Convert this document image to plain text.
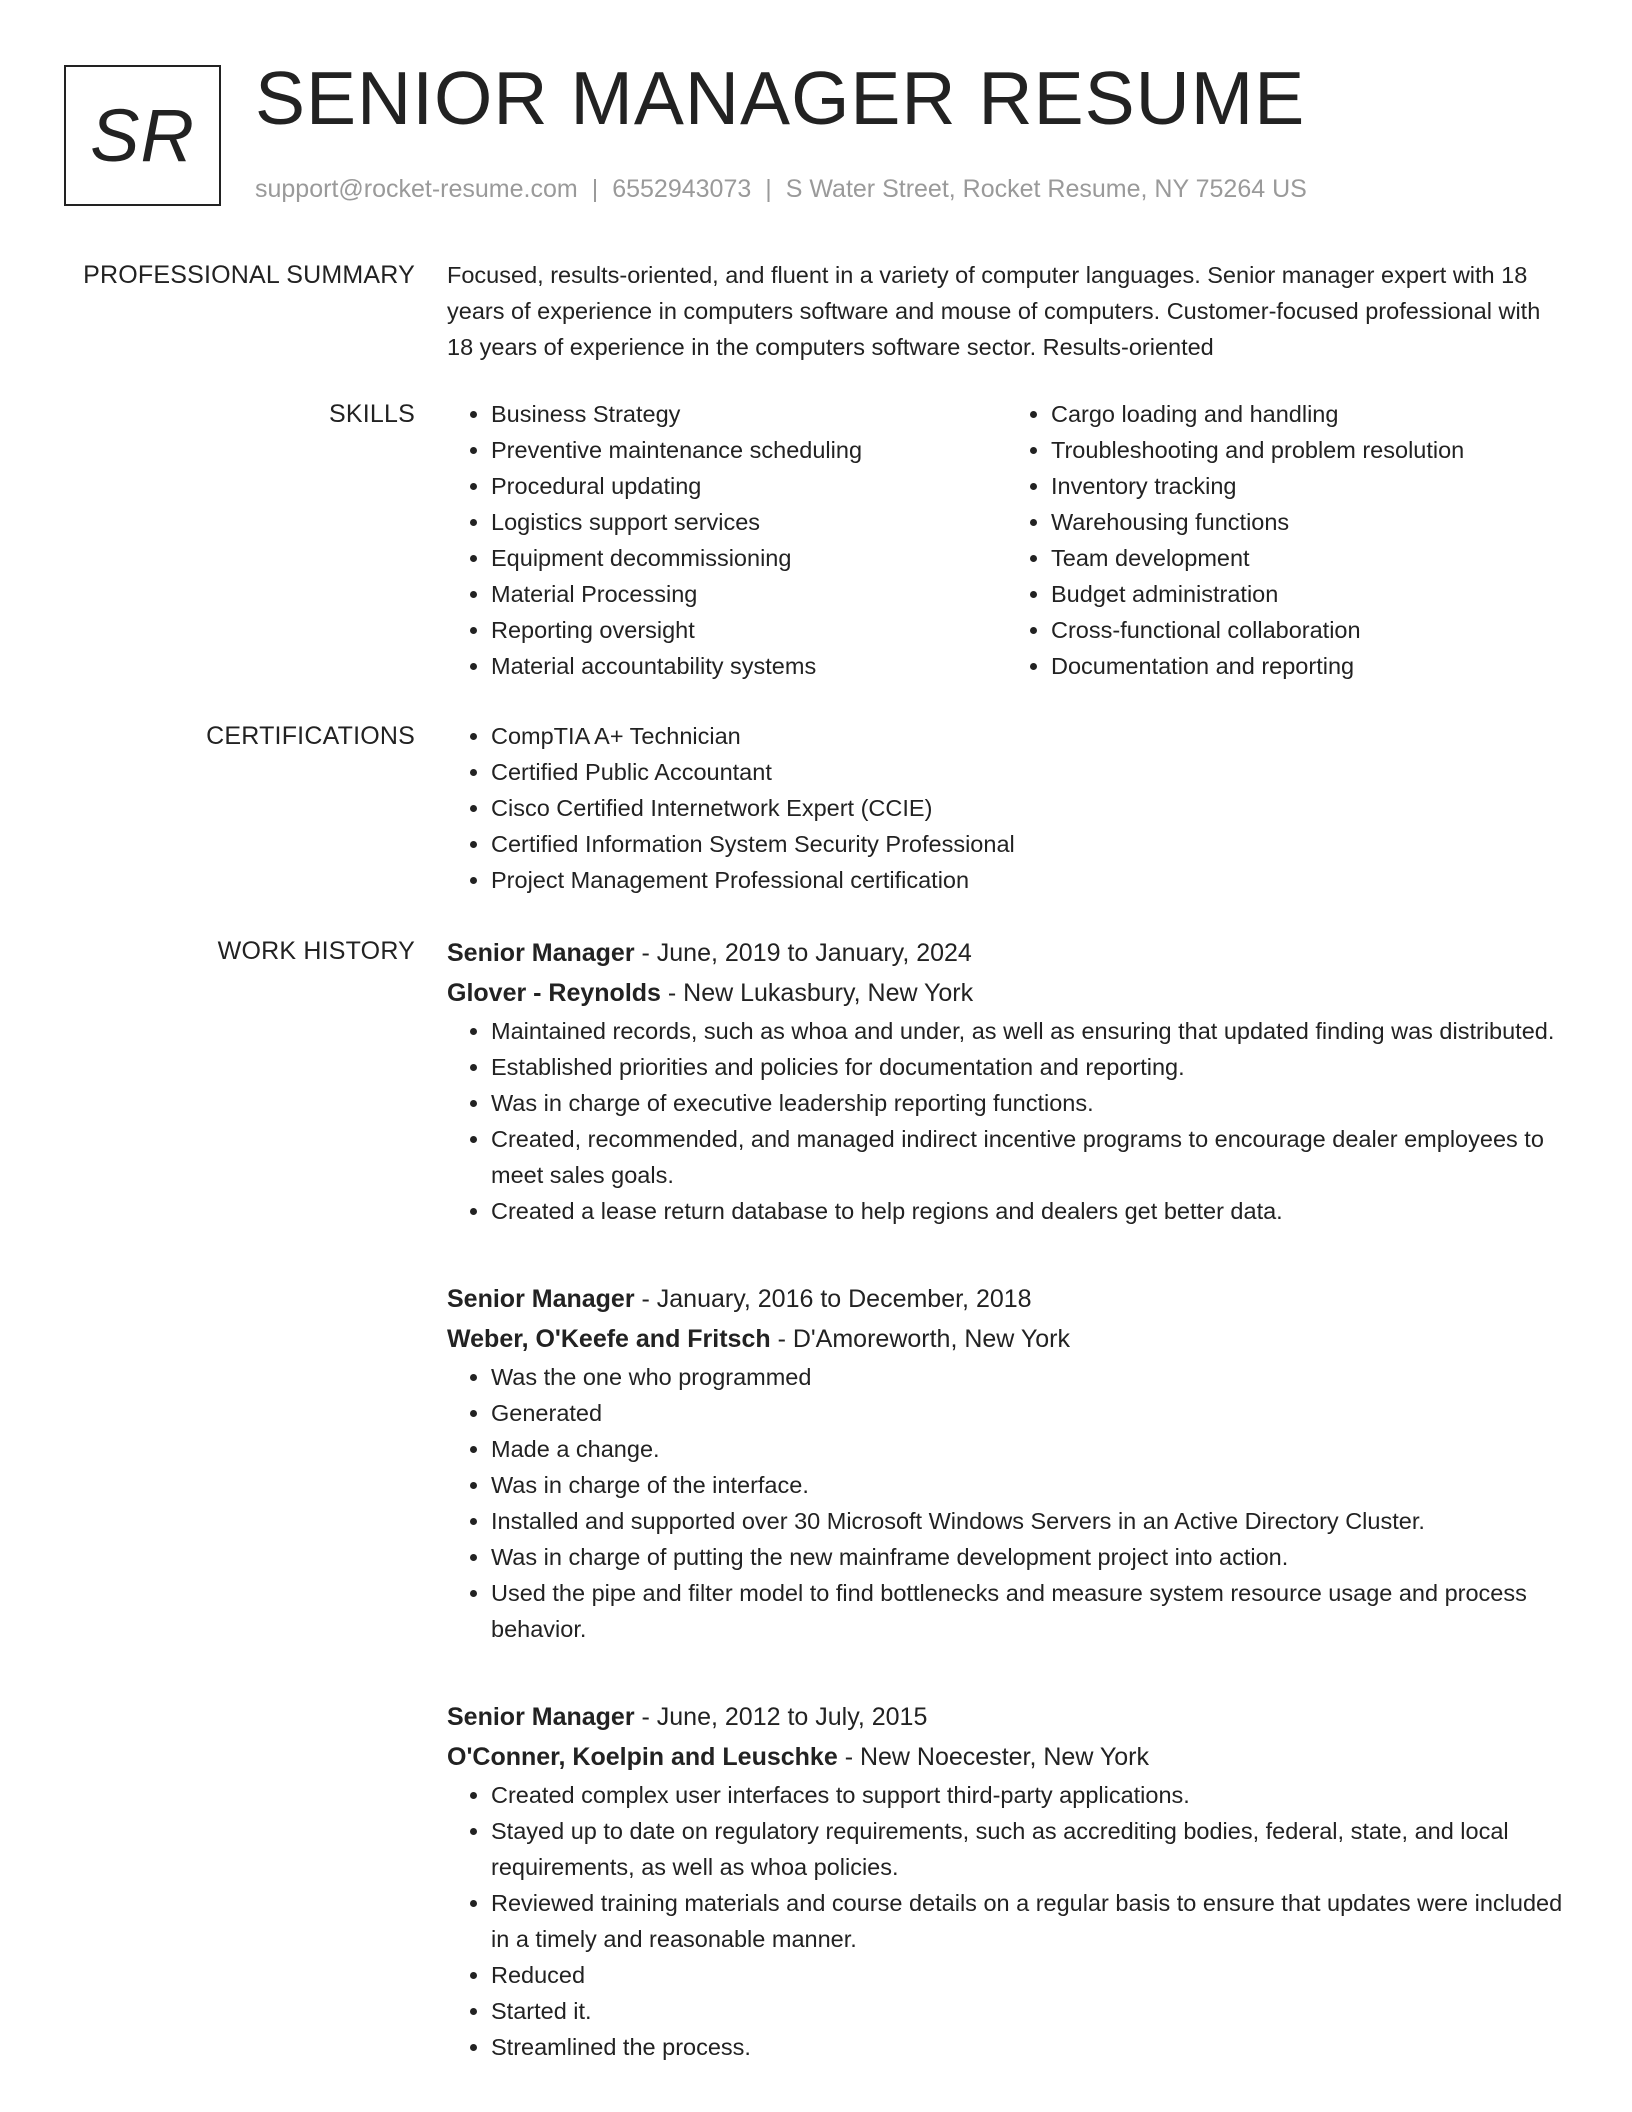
SR SENIOR MANAGER RESUME
support@rocket-resume.com | 6552943073 | S Water Street, Rocket Resume, NY 75264 US
PROFESSIONAL SUMMARY Focused, results-oriented, and fluent in a variety of computer languages. Senior manager expert with 18 years of experience in computers software and mouse of computers. Customer-focused professional with 18 years of experience in the computers software sector. Results-oriented

SKILLS	• Business Strategy
• Preventive maintenance scheduling
• Procedural updating
• Logistics support services
• Equipment decommissioning
• Material Processing
• Reporting oversight
• Material accountability systems
• Cargo loading and handling
• Troubleshooting and problem resolution
• Inventory tracking
• Warehousing functions
• Team development
• Budget administration
• Cross-functional collaboration
• Documentation and reporting
CERTIFICATIONS	• CompTIA A+ Technician
• Certified Public Accountant
• Cisco Certified Internetwork Expert (CCIE)
• Certified Information System Security Professional
• Project Management Professional certification
WORK HISTORY Senior Manager - June, 2019 to January, 2024
Glover - Reynolds - New Lukasbury, New York
• Maintained records, such as whoa and under, as well as ensuring that updated finding was distributed.
• Established priorities and policies for documentation and reporting.
• Was in charge of executive leadership reporting functions.
• Created, recommended, and managed indirect incentive programs to encourage dealer employees to meet sales goals.
• Created a lease return database to help regions and dealers get better data.
Senior Manager - January, 2016 to December, 2018
Weber, O'Keefe and Fritsch - D'Amoreworth, New York
• Was the one who programmed
• Generated
• Made a change.
• Was in charge of the interface.
• Installed and supported over 30 Microsoft Windows Servers in an Active Directory Cluster.
• Was in charge of putting the new mainframe development project into action.
• Used the pipe and filter model to find bottlenecks and measure system resource usage and process behavior.
Senior Manager - June, 2012 to July, 2015
O'Conner, Koelpin and Leuschke - New Noecester, New York
• Created complex user interfaces to support third-party applications.
• Stayed up to date on regulatory requirements, such as accrediting bodies, federal, state, and local requirements, as well as whoa policies.
• Reviewed training materials and course details on a regular basis to ensure that updates were included in a timely and reasonable manner.
• Reduced
• Started it.
• Streamlined the process.
